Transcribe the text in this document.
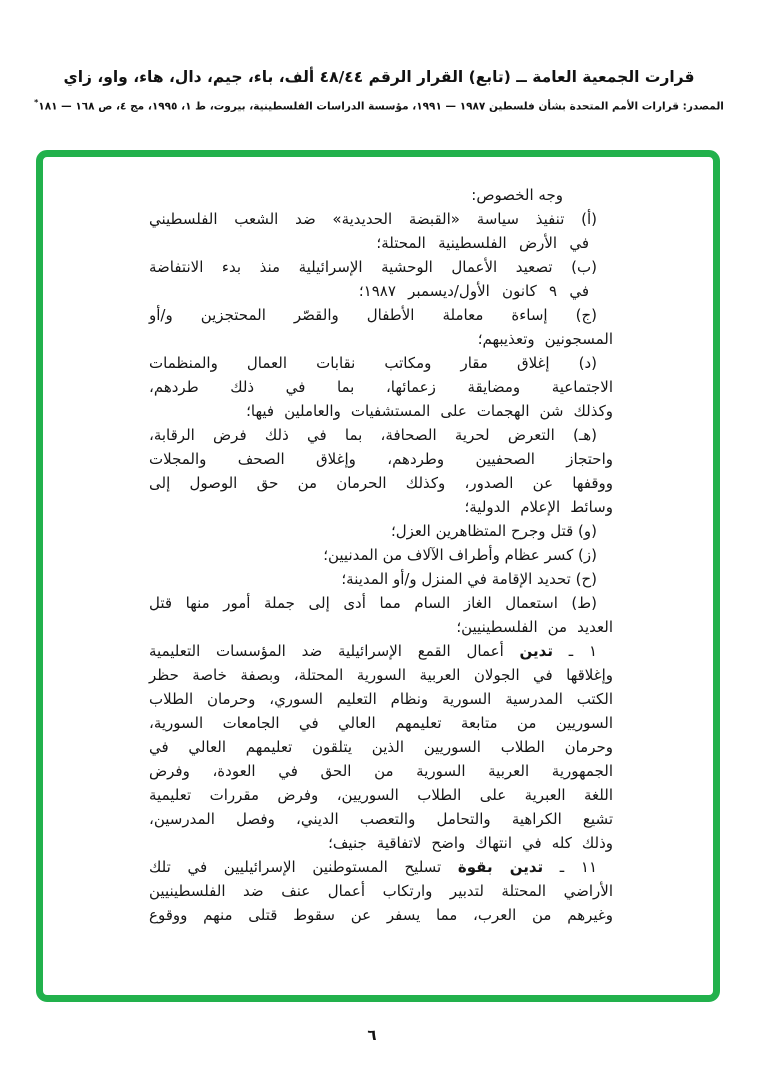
قرارت الجمعية العامة ــ (تابع) القرار الرقم ٤٨/٤٤ ألف، باء، جيم، دال، هاء، واو، زاي
المصدر: قرارات الأمم المتحدة بشأن فلسطين ١٩٨٧ — ١٩٩١، مؤسسة الدراسات الفلسطينية، بيروت، ط ١، ١٩٩٥، مج ٤، ص ١٦٨ — ١٨١*
وجه الخصوص:
(أ) تنفيذ سياسة «القبضة الحديدية» ضد الشعب الفلسطيني
في الأرض الفلسطينية المحتلة؛
(ب) تصعيد الأعمال الوحشية الإسرائيلية منذ بدء الانتفاضة
في ٩ كانون الأول/ديسمبر ١٩٨٧؛
(ج) إساءة معاملة الأطفال والقصّر المحتجزين و/أو
المسجونين وتعذيبهم؛
(د) إغلاق مقار ومكاتب نقابات العمال والمنظمات
الاجتماعية ومضايقة زعمائها، بما في ذلك طردهم،
وكذلك شن الهجمات على المستشفيات والعاملين فيها؛
(هـ) التعرض لحرية الصحافة، بما في ذلك فرض الرقابة،
واحتجاز الصحفيين وطردهم، وإغلاق الصحف والمجلات
ووقفها عن الصدور، وكذلك الحرمان من حق الوصول إلى
وسائط الإعلام الدولية؛
(و) قتل وجرح المتظاهرين العزل؛
(ز) كسر عظام وأطراف الآلاف من المدنيين؛
(ح) تحديد الإقامة في المنزل و/أو المدينة؛
(ط) استعمال الغاز السام مما أدى إلى جملة أمور منها قتل
العديد من الفلسطينيين؛
١ ـ تدين أعمال القمع الإسرائيلية ضد المؤسسات التعليمية
وإغلاقها في الجولان العربية السورية المحتلة، وبصفة خاصة حظر
الكتب المدرسية السورية ونظام التعليم السوري، وحرمان الطلاب
السوريين من متابعة تعليمهم العالي في الجامعات السورية،
وحرمان الطلاب السوريين الذين يتلقون تعليمهم العالي في
الجمهورية العربية السورية من الحق في العودة، وفرض
اللغة العبرية على الطلاب السوريين، وفرض مقررات تعليمية
تشيع الكراهية والتحامل والتعصب الديني، وفصل المدرسين،
وذلك كله في انتهاك واضح لاتفاقية جنيف؛
١١ ـ تدين بقوة تسليح المستوطنين الإسرائيليين في تلك
الأراضي المحتلة لتدبير وارتكاب أعمال عنف ضد الفلسطينيين
وغيرهم من العرب، مما يسفر عن سقوط قتلى منهم ووقوع
٦
